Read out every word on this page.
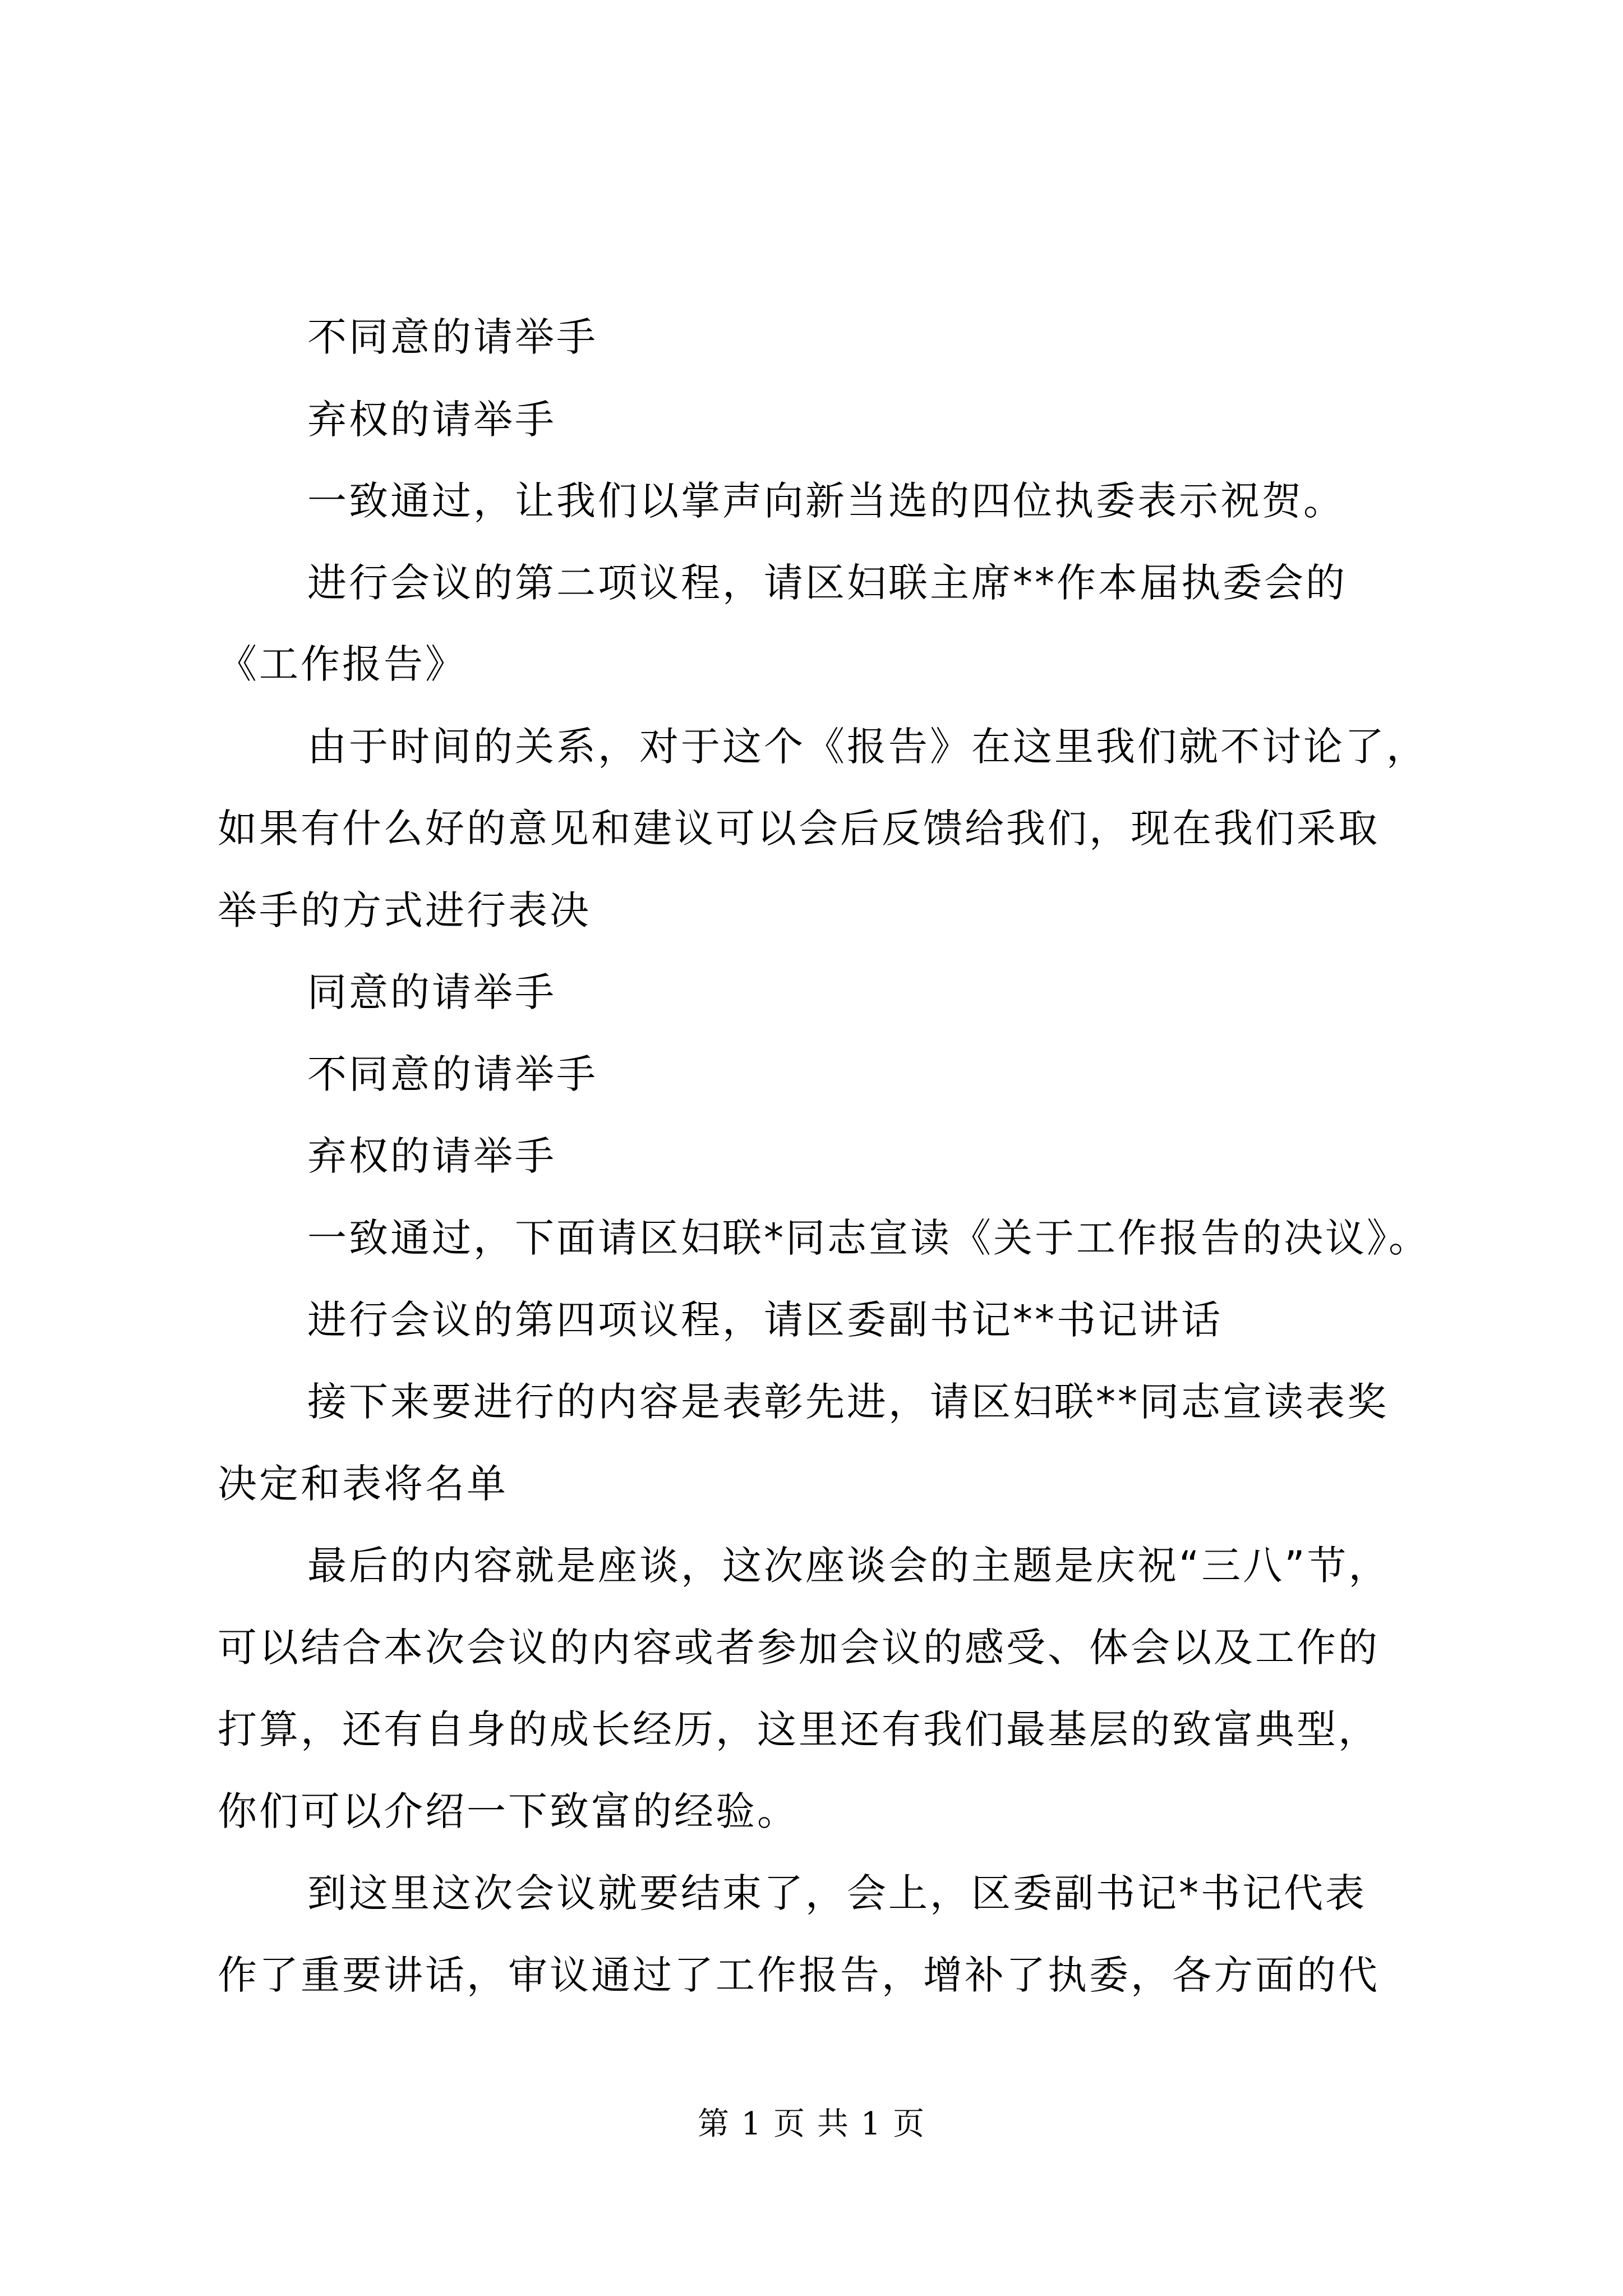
不同意的请举手
弃权的请举手
一致通过，让我们以掌声向新当选的四位执委表示祝贺。
进行会议的第二项议程，请区妇联主席**作本届执委会的
《工作报告》
由于时间的关系，对于这个《报告》在这里我们就不讨论了，
如果有什么好的意见和建议可以会后反馈给我们，现在我们采取
举手的方式进行表决
同意的请举手
不同意的请举手
弃权的请举手
一致通过，下面请区妇联*同志宣读《关于工作报告的决议》。
进行会议的第四项议程，请区委副书记**书记讲话
接下来要进行的内容是表彰先进，请区妇联**同志宣读表奖
决定和表将名单
最后的内容就是座谈，这次座谈会的主题是庆祝“三八”节，
可以结合本次会议的内容或者参加会议的感受、体会以及工作的
打算，还有自身的成长经历，这里还有我们最基层的致富典型，
你们可以介绍一下致富的经验。
到这里这次会议就要结束了，会上，区委副书记*书记代表
作了重要讲话，审议通过了工作报告，增补了执委，各方面的代
第 1 页 共 1 页
